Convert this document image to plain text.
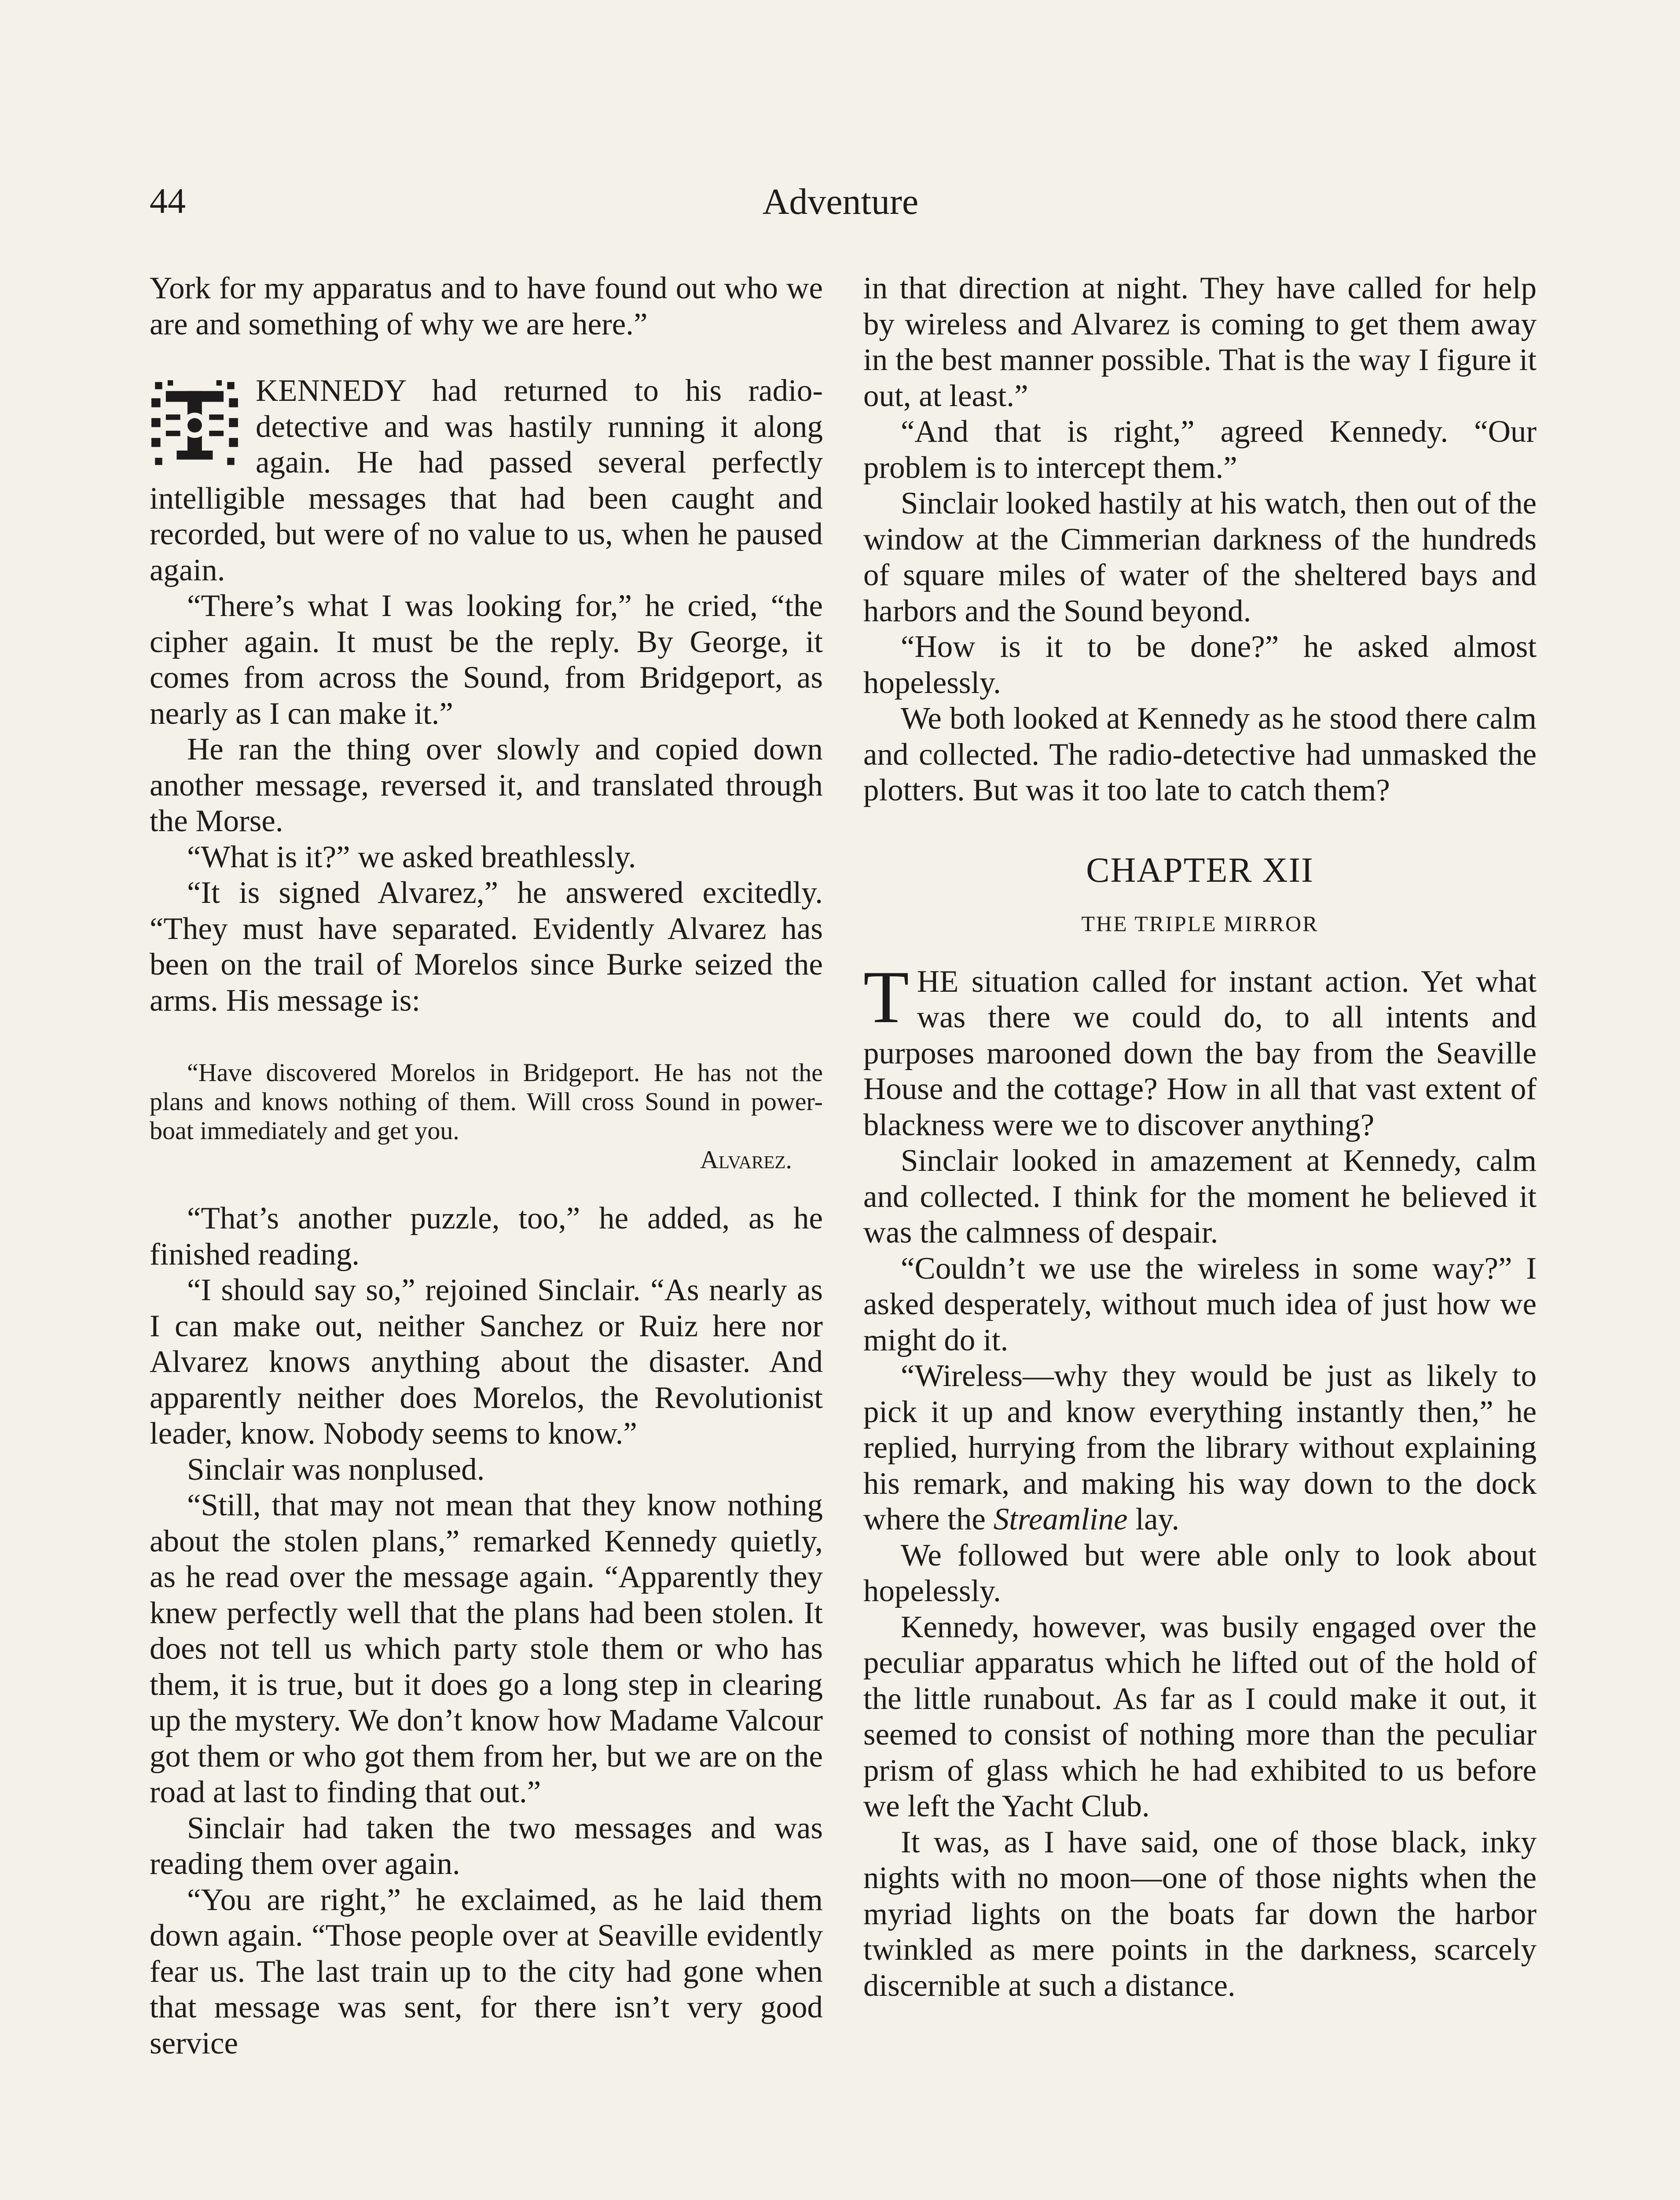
44	Adventure

York for my apparatus and to have found out who we are and something of why we are here.”

KENNEDY had returned to his radio-detective and was hastily running it along again. He had passed several perfectly intelligible messages that had been caught and recorded, but were of no value to us, when he paused again.

“There’s what I was looking for,” he cried, “the cipher again. It must be the reply. By George, it comes from across the Sound, from Bridgeport, as nearly as I can make it.”

He ran the thing over slowly and copied down another message, reversed it, and translated through the Morse.

“What is it?” we asked breathlessly.

“It is signed Alvarez,” he answered excitedly. “They must have separated. Evidently Alvarez has been on the trail of Morelos since Burke seized the arms. His message is:

“Have discovered Morelos in Bridgeport. He has not the plans and knows nothing of them. Will cross Sound in power-boat immediately and get you.

Alvarez.

“That’s another puzzle, too,” he added, as he finished reading.

“I should say so,” rejoined Sinclair. “As nearly as I can make out, neither Sanchez or Ruiz here nor Alvarez knows anything about the disaster. And apparently neither does Morelos, the Revolutionist leader, know. Nobody seems to know.”

Sinclair was nonplused.

“Still, that may not mean that they know nothing about the stolen plans,” remarked Kennedy quietly, as he read over the message again. “Apparently they knew perfectly well that the plans had been stolen. It does not tell us which party stole them or who has them, it is true, but it does go a long step in clearing up the mystery. We don’t know how Madame Valcour got them or who got them from her, but we are on the road at last to finding that out.”

Sinclair had taken the two messages and was reading them over again.

“You are right,” he exclaimed, as he laid them down again. “Those people over at Seaville evidently fear us. The last train up to the city had gone when that message was sent, for there isn’t very good service

in that direction at night. They have called for help by wireless and Alvarez is coming to get them away in the best manner possible. That is the way I figure it out, at least.”

“And that is right,” agreed Kennedy. “Our problem is to intercept them.”

Sinclair looked hastily at his watch, then out of the window at the Cimmerian darkness of the hundreds of square miles of water of the sheltered bays and harbors and the Sound beyond.

“How is it to be done?” he asked almost hopelessly.

We both looked at Kennedy as he stood there calm and collected. The radio-detective had unmasked the plotters. But was it too late to catch them?

CHAPTER XII
THE TRIPLE MIRROR

T HE situation called for instant action. Yet what was there we could do, to all intents and purposes marooned down the bay from the Seaville House and the cottage? How in all that vast extent of blackness were we to discover anything?

Sinclair looked in amazement at Kennedy, calm and collected. I think for the moment he believed it was the calmness of despair.

“Couldn’t we use the wireless in some way?” I asked desperately, without much idea of just how we might do it.

“Wireless—why they would be just as likely to pick it up and know everything instantly then,” he replied, hurrying from the library without explaining his remark, and making his way down to the dock where the Streamline lay.

We followed but were able only to look about hopelessly.

Kennedy, however, was busily engaged over the peculiar apparatus which he lifted out of the hold of the little runabout. As far as I could make it out, it seemed to consist of nothing more than the peculiar prism of glass which he had exhibited to us before we left the Yacht Club.

It was, as I have said, one of those black, inky nights with no moon—one of those nights when the myriad lights on the boats far down the harbor twinkled as mere points in the darkness, scarcely discernible at such a distance.
